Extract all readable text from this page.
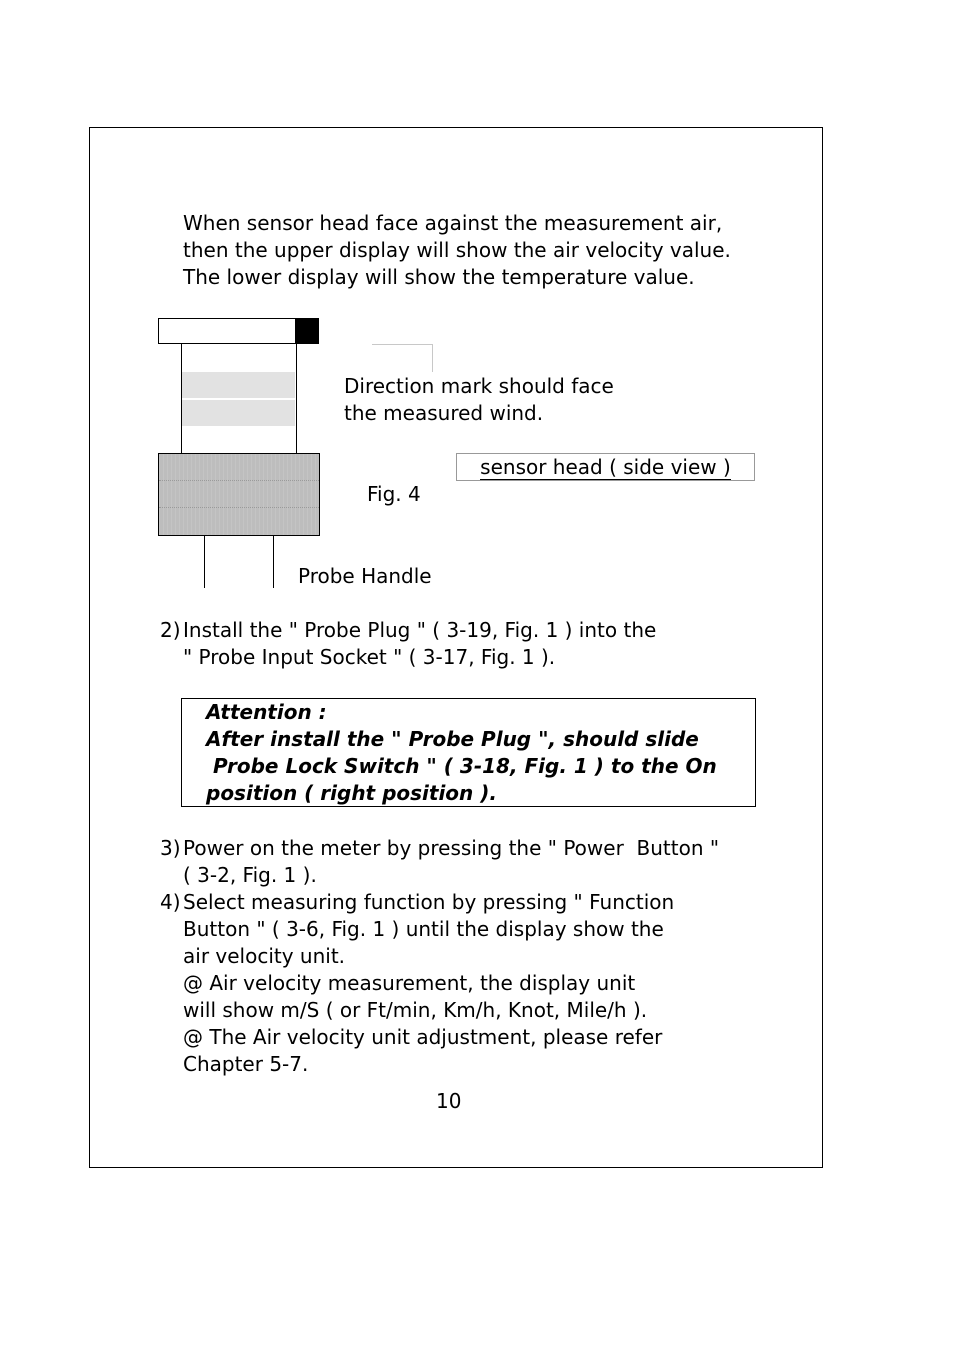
When sensor head face against the measurement air,
then the upper display will show the air velocity value.
The lower display will show the temperature value.
Direction mark should face
the measured wind.
sensor head ( side view )
Fig. 4
Probe Handle
2) Install the " Probe Plug " ( 3-19, Fig. 1 ) into the
" Probe Input Socket " ( 3-17, Fig. 1 ).
Attention :
After install the " Probe Plug ", should slide
Probe Lock Switch " ( 3-18, Fig. 1 ) to the On
position ( right position ).
3) Power on the meter by pressing the " Power  Button "
( 3-2, Fig. 1 ).
4) Select measuring function by pressing " Function
Button " ( 3-6, Fig. 1 ) until the display show the
air velocity unit.
@ Air velocity measurement, the display unit
will show m/S ( or Ft/min, Km/h, Knot, Mile/h ).
@ The Air velocity unit adjustment, please refer
Chapter 5-7.
10
